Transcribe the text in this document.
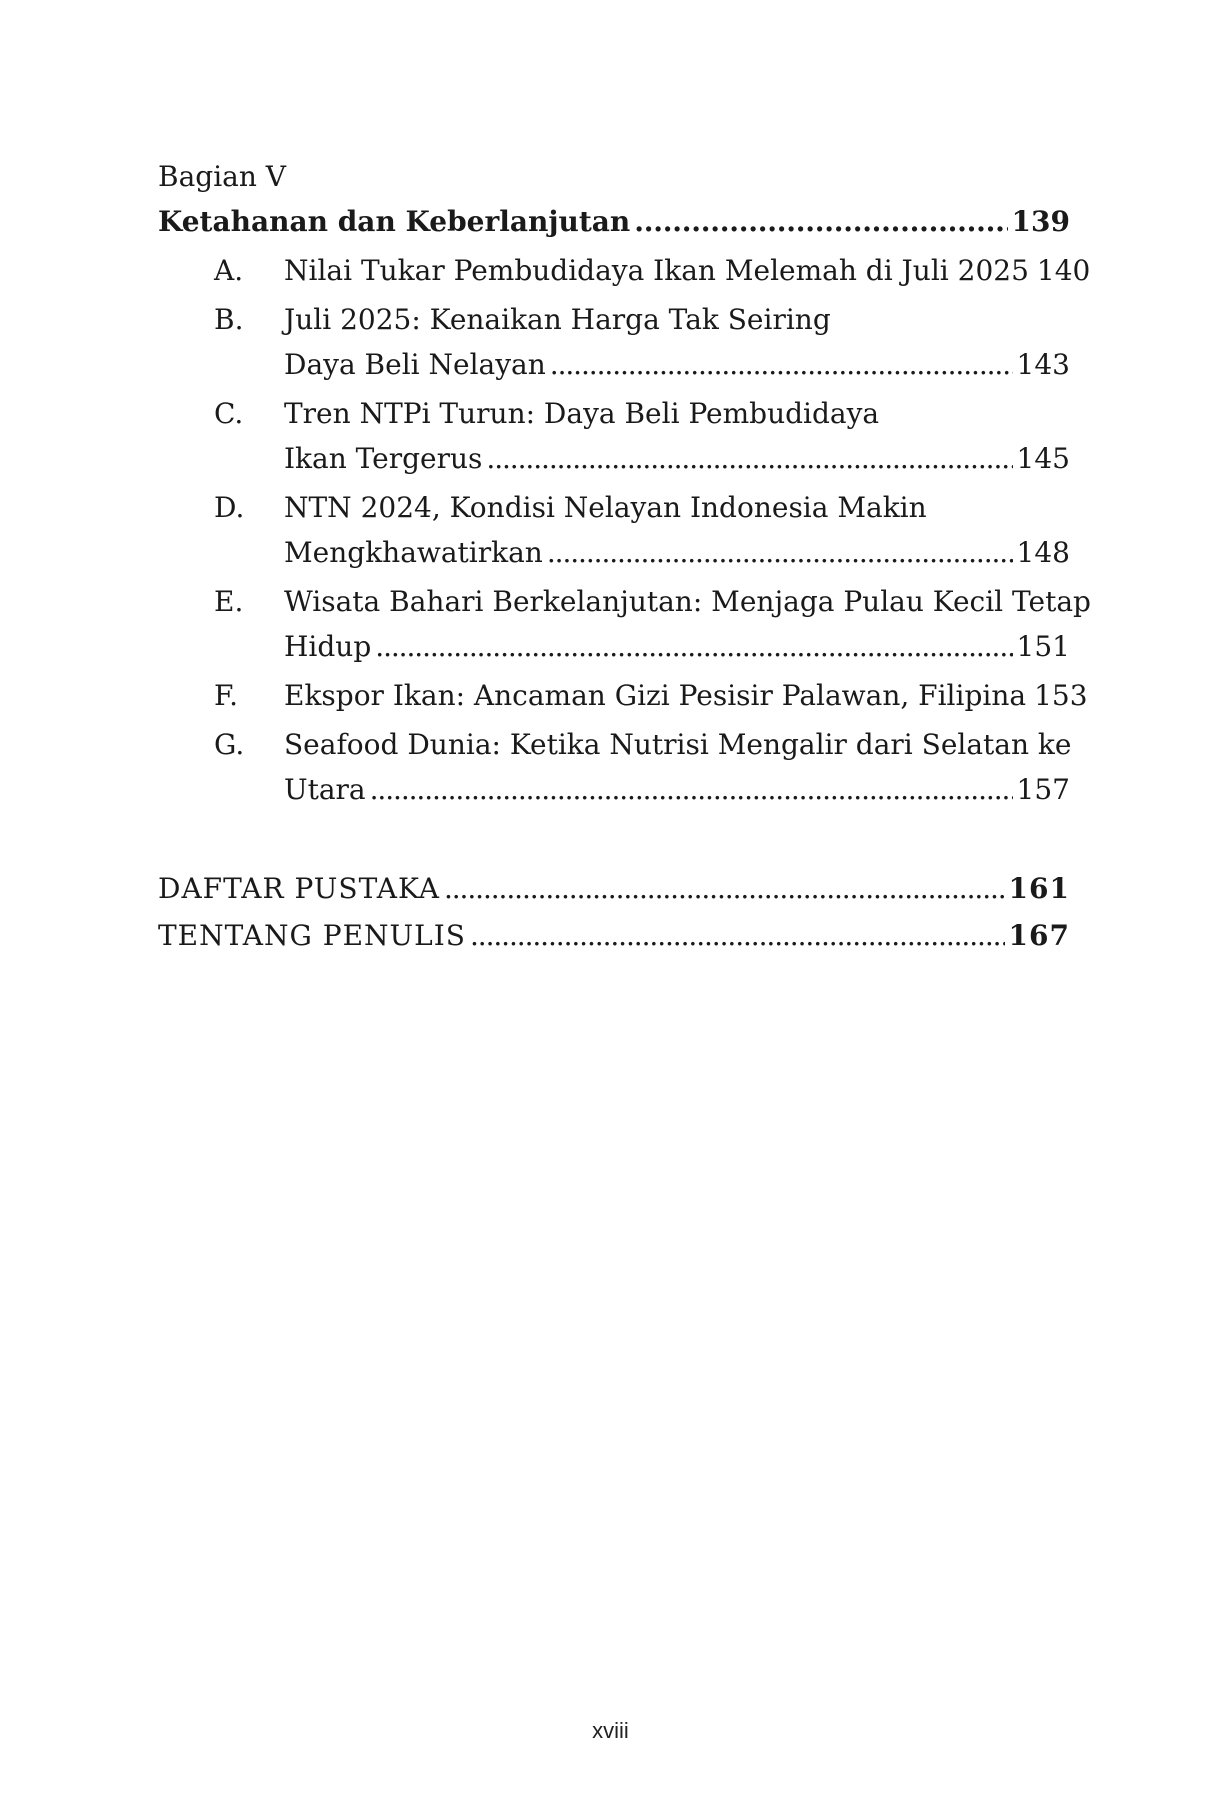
Bagian V
Ketahanan dan Keberlanjutan . . .	139
A.	Nilai Tukar Pembudidaya Ikan Melemah di Juli 2025 140
B.	Juli 2025: Kenaikan Harga Tak Seiring
Daya Beli Nelayan . . .	143
C.	Tren NTPi Turun: Daya Beli Pembudidaya
Ikan Tergerus . . .	145
D.	NTN 2024, Kondisi Nelayan Indonesia Makin
Mengkhawatirkan . . .	148
E.	Wisata Bahari Berkelanjutan: Menjaga Pulau Kecil Tetap
Hidup . . .	151
F.	Ekspor Ikan: Ancaman Gizi Pesisir Palawan, Filipina 153
G.	Seafood Dunia: Ketika Nutrisi Mengalir dari Selatan ke
Utara . . .	157
DAFTAR PUSTAKA . . .	161
TENTANG PENULIS . . .	167
xviii
